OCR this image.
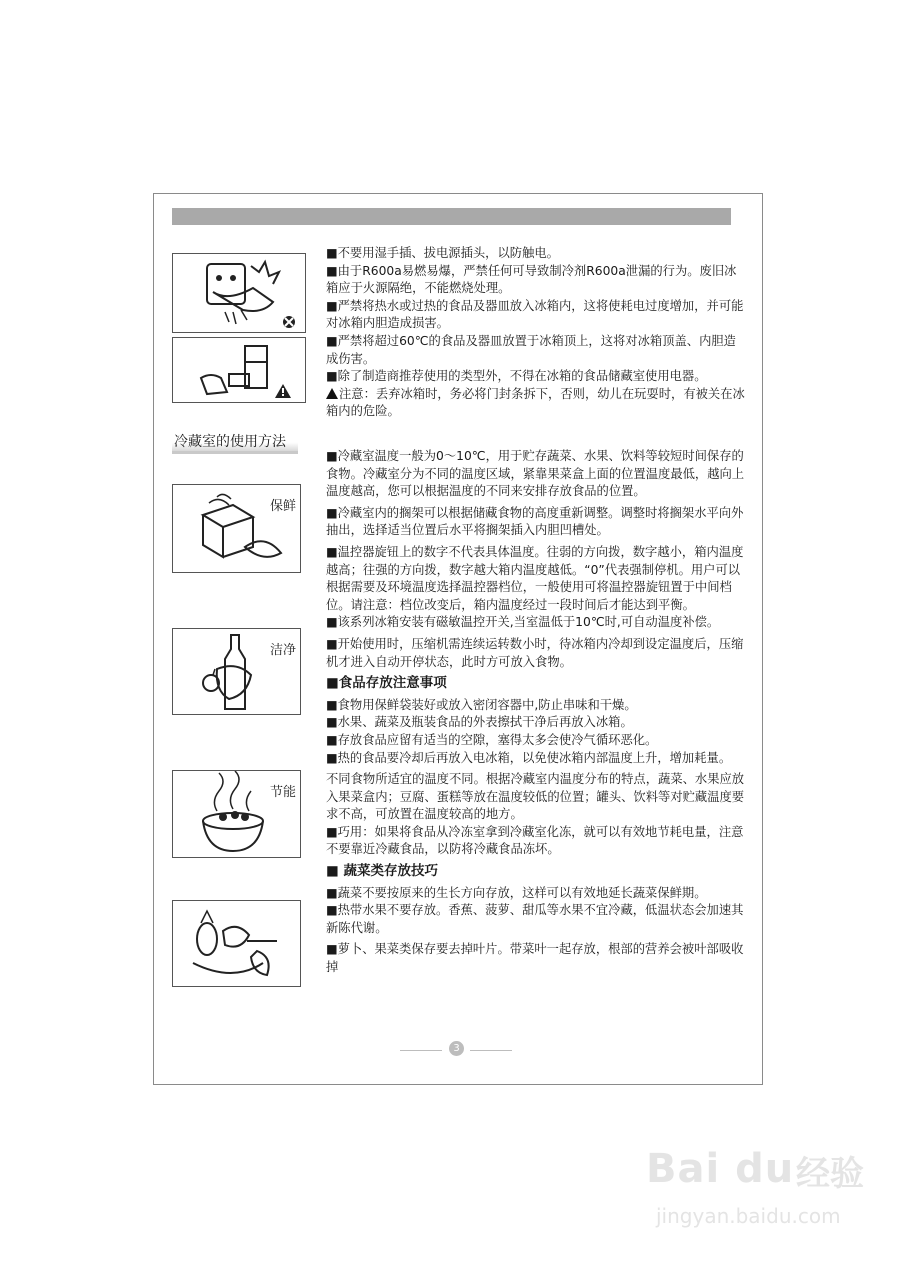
■不要用湿手插、拔电源插头，以防触电。

■由于R600a易燃易爆，严禁任何可导致制冷剂R600a泄漏的行为。废旧冰箱应于火源隔绝，不能燃烧处理。

■严禁将热水或过热的食品及器皿放入冰箱内，这将使耗电过度增加，并可能对冰箱内胆造成损害。

■严禁将超过60℃的食品及器皿放置于冰箱顶上，这将对冰箱顶盖、内胆造成伤害。

■除了制造商推荐使用的类型外，不得在冰箱的食品储藏室使用电器。

注意：丢弃冰箱时，务必将门封条拆下，否则，幼儿在玩耍时，有被关在冰箱内的危险。

冷藏室的使用方法
保鲜
洁净
节能

■冷藏室温度一般为0～10℃，用于贮存蔬菜、水果、饮料等较短时间保存的食物。冷藏室分为不同的温度区域，紧靠果菜盒上面的位置温度最低，越向上温度越高，您可以根据温度的不同来安排存放食品的位置。

■冷藏室内的搁架可以根据储藏食物的高度重新调整。调整时将搁架水平向外抽出，选择适当位置后水平将搁架插入内胆凹槽处。

■温控器旋钮上的数字不代表具体温度。往弱的方向拨，数字越小，箱内温度越高；往强的方向拨，数字越大箱内温度越低。“0”代表强制停机。用户可以根据需要及环境温度选择温控器档位，一般使用可将温控器旋钮置于中间档位。请注意：档位改变后，箱内温度经过一段时间后才能达到平衡。

■该系列冰箱安装有磁敏温控开关,当室温低于10℃时,可自动温度补偿。

■开始使用时，压缩机需连续运转数小时，待冰箱内冷却到设定温度后，压缩机才进入自动开停状态，此时方可放入食物。

■食品存放注意事项

■食物用保鲜袋装好或放入密闭容器中,防止串味和干燥。

■水果、蔬菜及瓶装食品的外表擦拭干净后再放入冰箱。

■存放食品应留有适当的空隙，塞得太多会使冷气循环恶化。

■热的食品要冷却后再放入电冰箱，以免使冰箱内部温度上升，增加耗量。

不同食物所适宜的温度不同。根据冷藏室内温度分布的特点，蔬菜、水果应放入果菜盒内；豆腐、蛋糕等放在温度较低的位置；罐头、饮料等对贮藏温度要求不高，可放置在温度较高的地方。

■巧用：如果将食品从冷冻室拿到冷藏室化冻，就可以有效地节耗电量，注意不要靠近冷藏食品，以防将冷藏食品冻坏。

■ 蔬菜类存放技巧

■蔬菜不要按原来的生长方向存放，这样可以有效地延长蔬菜保鲜期。

■热带水果不要存放。香蕉、菠萝、甜瓜等水果不宜冷藏，低温状态会加速其新陈代谢。

■萝卜、果菜类保存要去掉叶片。带菜叶一起存放，根部的营养会被叶部吸收掉

3
Bai du 经验
jingyan.baidu.com
